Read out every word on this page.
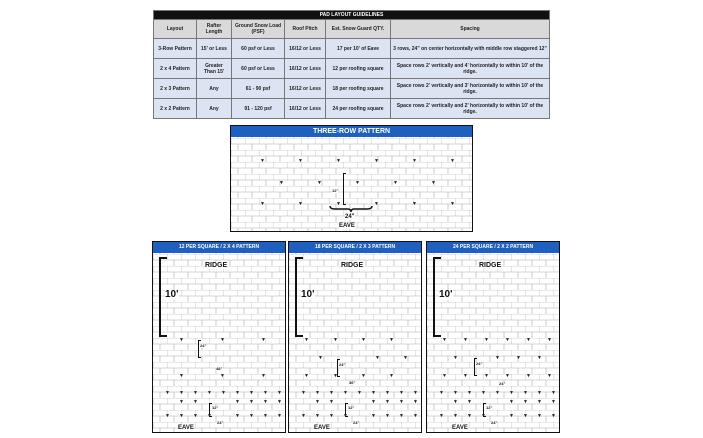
PAD LAYOUT GUIDELINES					
Layout	Rafter Length	Ground Snow Load (PSF)	Roof Pitch	Est. Snow Guard QTY.	Spacing
3-Row Pattern	15' or Less	60 psf or Less	16/12 or Less	17 per 10' of Eave	3 rows, 24" on center horizontally with middle row staggered 12"
2 x 4 Pattern	Greater Than 15'	60 psf or Less	16/12 or Less	12 per roofing square	Space rows 2' vertically and 4' horizontally to within 10' of the ridge.
2 x 3 Pattern	Any	61 - 90 psf	16/12 or Less	18 per roofing square	Space rows 2' vertically and 3' horizontally to within 10' of the ridge.
2 x 2 Pattern	Any	91 - 120 psf	16/12 or Less	24 per roofing square	Space rows 2' vertically and 2' horizontally to within 10' of the ridge.
THREE-ROW PATTERN
12"
24"
EAVE
▼
▼
▼
▼
▼
▼
▼
▼
▼
▼
▼
▼
▼	▼	▼	▼	▼
12 PER SQUARE / 2 X 4 PATTERN
RIDGE
10'
24"
48"
12"
24"
EAVE
▼	▼	▼
▼	▼	▼
▼
▼
▼
▼
▼
▼
▼
▼
▼ ▼
▼
▼
▼
▼
▼
▼
▼
▼ ▼	▼ ▼ ▼ ▼
18 PER SQUARE / 2 X 3 PATTERN
RIDGE
10'
24"
36"
12"
24"
EAVE
▼	▼	▼	▼
▼	▼	▼
▼	▼	▼	▼
▼
▼
▼
▼
▼
▼
▼
▼
▼ ▼
▼
▼
▼
▼
▼
▼
▼
▼ ▼	▼ ▼ ▼ ▼
24 PER SQUARE / 2 X 2 PATTERN
RIDGE
10'
24"
24"
12"
24"
EAVE
▼	▼	▼	▼	▼	▼
▼	▼	▼	▼
▼	▼	▼	▼	▼	▼
▼
▼
▼
▼
▼
▼
▼
▼
▼ ▼
▼
▼
▼
▼
▼
▼
▼
▼ ▼	▼ ▼ ▼ ▼
